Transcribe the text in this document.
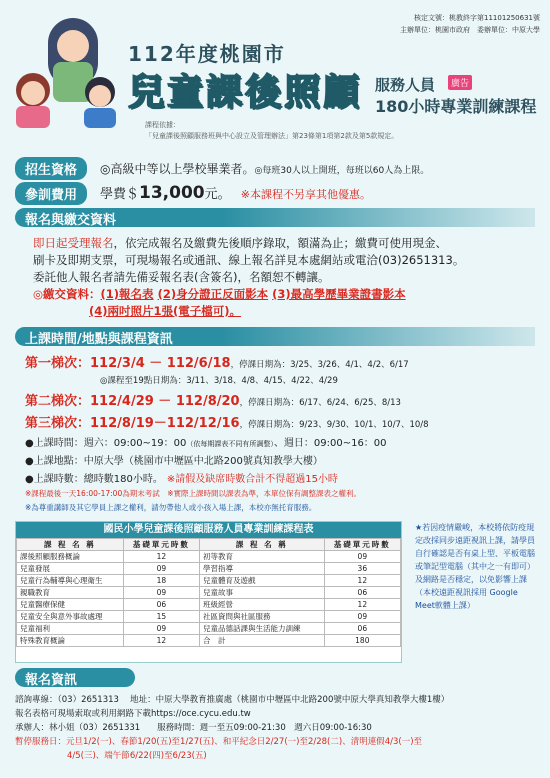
核定文號：桃教終字第11101250631號
主辦單位：桃園市政府　委辦單位：中原大學
112年度桃園市
兒童課後照顧 服務人員	廣告
180小時專業訓練課程
課程依據：
「兒童課後照顧服務班與中心設立及管理辦法」第23條第1項第2款及第5款規定。
招生資格	◎高級中等以上學校畢業者。◎每班30人以上開班，每班以60人為上限。
參訓費用	學費＄13,000元。 ※本課程不另享其他優惠。
報名與繳交資料
即日起受理報名，依完成報名及繳費先後順序錄取，額滿為止；繳費可使用現金、
刷卡及即期支票，可現場報名或通訊、線上報名詳見本處網站或電洽(03)2651313。
委託他人報名者請先備妥報名表(含簽名)，名額恕不轉讓。
◎繳交資料：(1)報名表 (2)身分證正反面影本 (3)最高學歷畢業證書影本
(4)兩吋照片1張(電子檔可)。
上課時間/地點與課程資訊
第一梯次：112/3/4 － 112/6/18，停課日期為：3/25、3/26、4/1、4/2、6/17
◎課程至19點日期為：3/11、3/18、4/8、4/15、4/22、4/29
第二梯次：112/4/29 － 112/8/20，停課日期為：6/17、6/24、6/25、8/13
第三梯次：112/8/19－112/12/16，停課日期為：9/23、9/30、10/1、10/7、10/8
●上課時間：週六：09:00~19：00（依每期課表不同有所調整）、週日：09:00~16：00
●上課地點：中原大學（桃園市中壢區中北路200號真知教學大樓）
●上課時數：總時數180小時。 ※請假及缺席時數合計不得超過15小時
※課程最後一天16:00-17:00為期末考試　※實際上課時間以課表為準，本單位保有調整課表之權利。
※為尊重講師及其它學員上課之權利，請勿帶他人或小孩入場上課，本校亦無托育服務。
國民小學兒童課後照顧服務人員專業訓練課程表
課 程 名 稱	基礎單元時數	課 程 名 稱	基礎單元時數
課後照顧服務概論	12	初等教育	09
兒童發展	09	學習指導	36
兒童行為輔導與心理衛生	18	兒童體育及遊戲	12
親職教育	09	兒童故事	06
兒童醫療保健	06	班級經營	12
兒童安全與意外事故處理	15	社區資問與社區服務	09
兒童福利	09	兒童品德話課與生活能力訓練	06
特殊教育概論	12	合　計	180
★若因疫情嚴峻，本校將依防疫規定改採同步遠距視訊上課，請學員自行確認是否有桌上型、平板電腦或筆記型電腦（其中之一有即可）及網路是否穩定，以免影響上課（本校遠距視訊採用 Google Meet軟體上課）
報名資訊
諮詢專線：（03）2651313　 地址：中原大學教育推廣處（桃園市中壢區中北路200號中原大學真知教學大樓1樓）
報名表格可現場索取或利用網路下載https://oce.cycu.edu.tw
承辦人：林小姐（03）2651331　　服務時間：週一至五09:00-21:30　週六日09:00-16:30
暫停服務日：元旦1/2(一)、春節1/20(五)至1/27(五)、和平紀念日2/27(一)至2/28(二)、清明連假4/3(一)至
4/5(三)、端午節6/22(四)至6/23(五)
